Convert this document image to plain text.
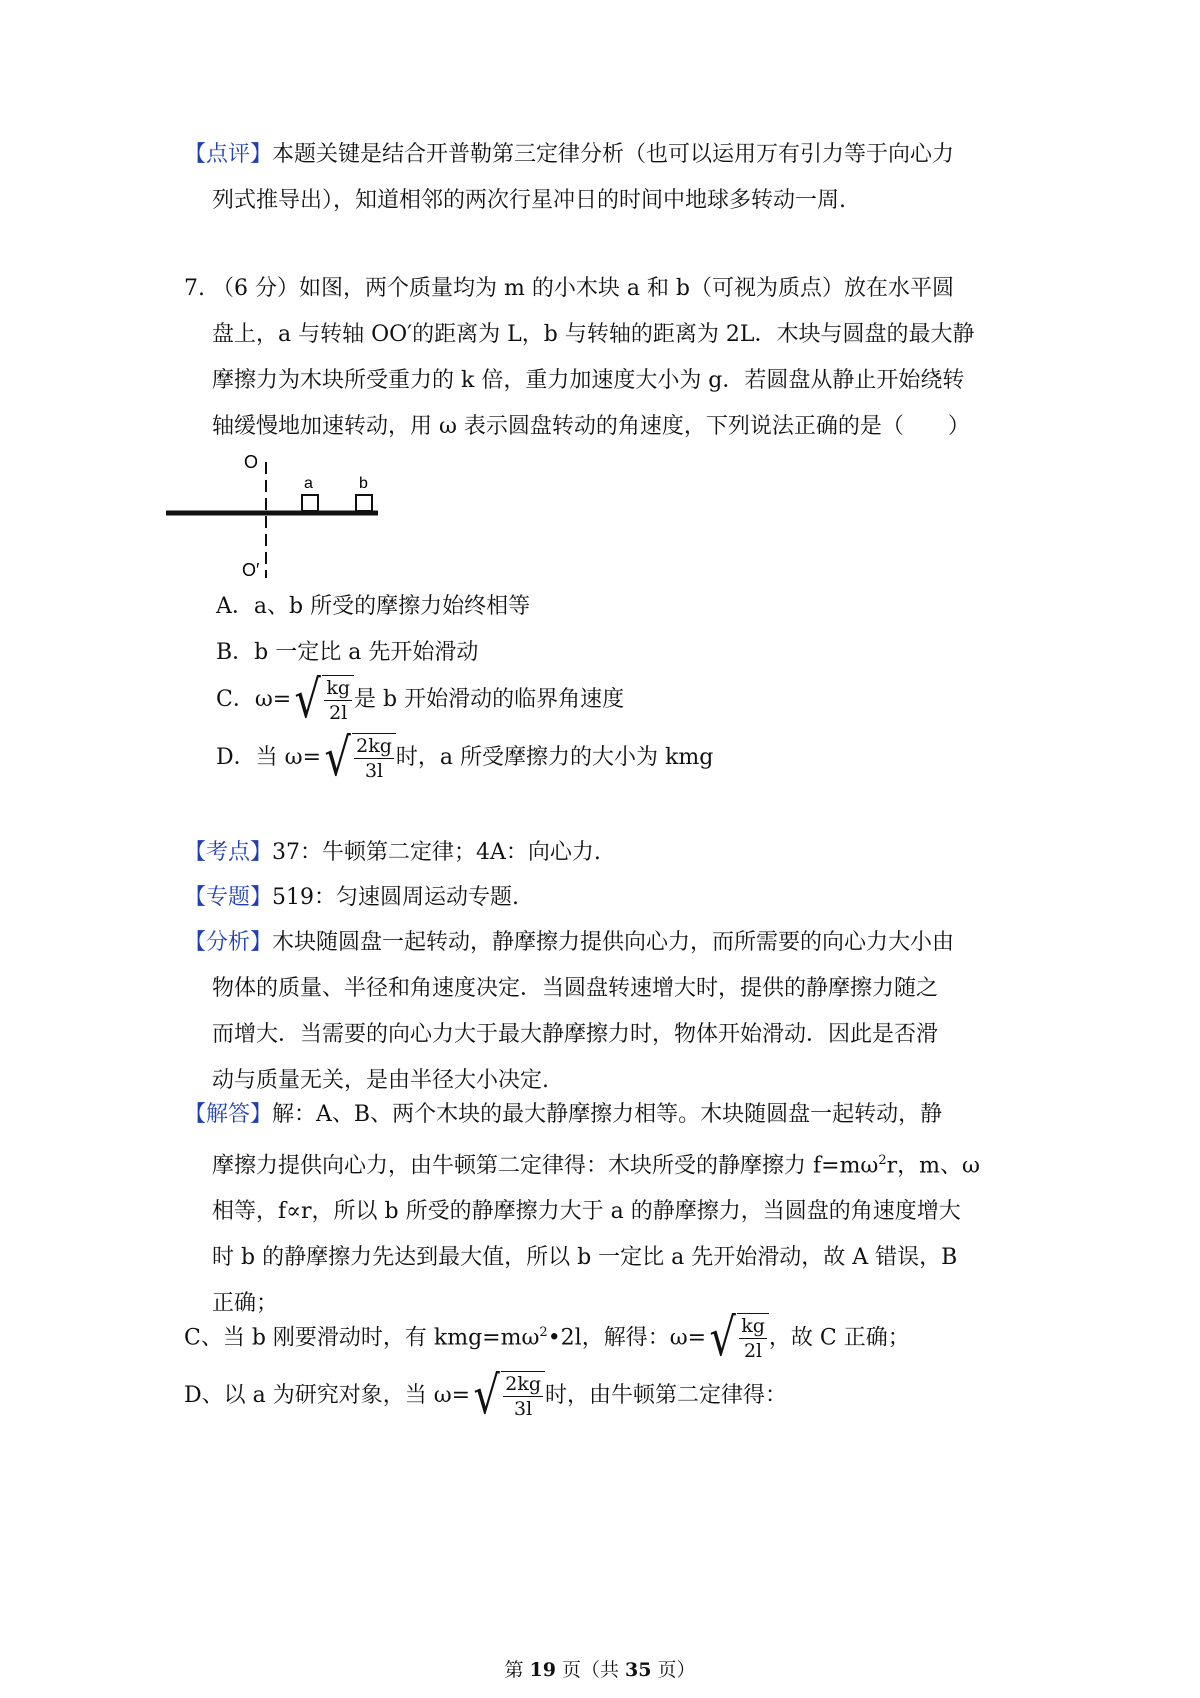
【点评】本题关键是结合开普勒第三定律分析（也可以运用万有引力等于向心力
列式推导出），知道相邻的两次行星冲日的时间中地球多转动一周.
7. （6 分）如图，两个质量均为 m 的小木块 a 和 b（可视为质点）放在水平圆
盘上，a 与转轴 OO′的距离为 L，b 与转轴的距离为 2L．木块与圆盘的最大静
摩擦力为木块所受重力的 k 倍，重力加速度大小为 g．若圆盘从静止开始绕转
轴缓慢地加速转动，用 ω 表示圆盘转动的角速度，下列说法正确的是（　　）
O
O′
a	b
A．a、b 所受的摩擦力始终相等
B．b 一定比 a 先开始滑动
C．ω= √ $\frac{kg}{2l}$ 是 b 开始滑动的临界角速度
D．当 ω= √ $\frac{2kg}{3l}$ 时，a 所受摩擦力的大小为 kmg
【考点】37：牛顿第二定律；4A：向心力.
【专题】519：匀速圆周运动专题.
【分析】木块随圆盘一起转动，静摩擦力提供向心力，而所需要的向心力大小由
物体的质量、半径和角速度决定．当圆盘转速增大时，提供的静摩擦力随之
而增大．当需要的向心力大于最大静摩擦力时，物体开始滑动．因此是否滑
动与质量无关，是由半径大小决定.
【解答】解：A、B、两个木块的最大静摩擦力相等。木块随圆盘一起转动，静
摩擦力提供向心力，由牛顿第二定律得：木块所受的静摩擦力 $f=m\omega^2r$，m、ω
相等，f∝r，所以 b 所受的静摩擦力大于 a 的静摩擦力，当圆盘的角速度增大
时 b 的静摩擦力先达到最大值，所以 b 一定比 a 先开始滑动，故 A 错误，B
正确；
C、当 b 刚要滑动时，有 $kmg=m\omega^2•2l$，解得：ω= √ $\frac{kg}{2l}$ ，故 C 正确；
D、以 a 为研究对象，当 ω= √ $\frac{2kg}{3l}$ 时，由牛顿第二定律得：
第 19 页（共 35 页）
